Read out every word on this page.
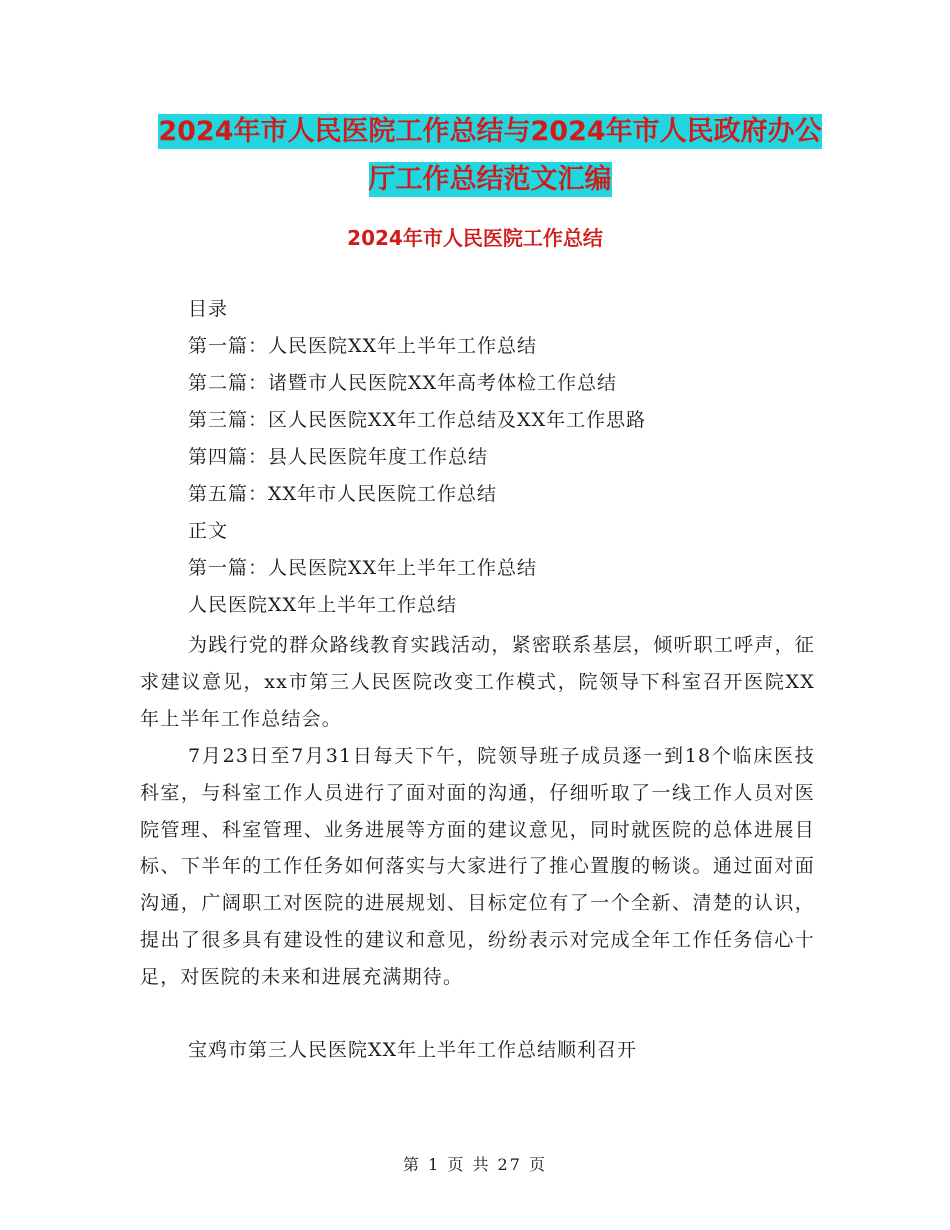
2024年市人民医院工作总结与2024年市人民政府办公
厅工作总结范文汇编
2024年市人民医院工作总结
目录
第一篇：人民医院XX年上半年工作总结
第二篇：诸暨市人民医院XX年高考体检工作总结
第三篇：区人民医院XX年工作总结及XX年工作思路
第四篇：县人民医院年度工作总结
第五篇：XX年市人民医院工作总结
正文
第一篇：人民医院XX年上半年工作总结
人民医院XX年上半年工作总结
为践行党的群众路线教育实践活动，紧密联系基层，倾听职工呼声，征求建议意见，xx市第三人民医院改变工作模式，院领导下科室召开医院XX年上半年工作总结会。
7月23日至7月31日每天下午，院领导班子成员逐一到18个临床医技科室，与科室工作人员进行了面对面的沟通，仔细听取了一线工作人员对医院管理、科室管理、业务进展等方面的建议意见，同时就医院的总体进展目标、下半年的工作任务如何落实与大家进行了推心置腹的畅谈。通过面对面沟通，广阔职工对医院的进展规划、目标定位有了一个全新、清楚的认识，提出了很多具有建设性的建议和意见，纷纷表示对完成全年工作任务信心十足，对医院的未来和进展充满期待。
宝鸡市第三人民医院XX年上半年工作总结顺利召开
第 1 页 共 27 页
